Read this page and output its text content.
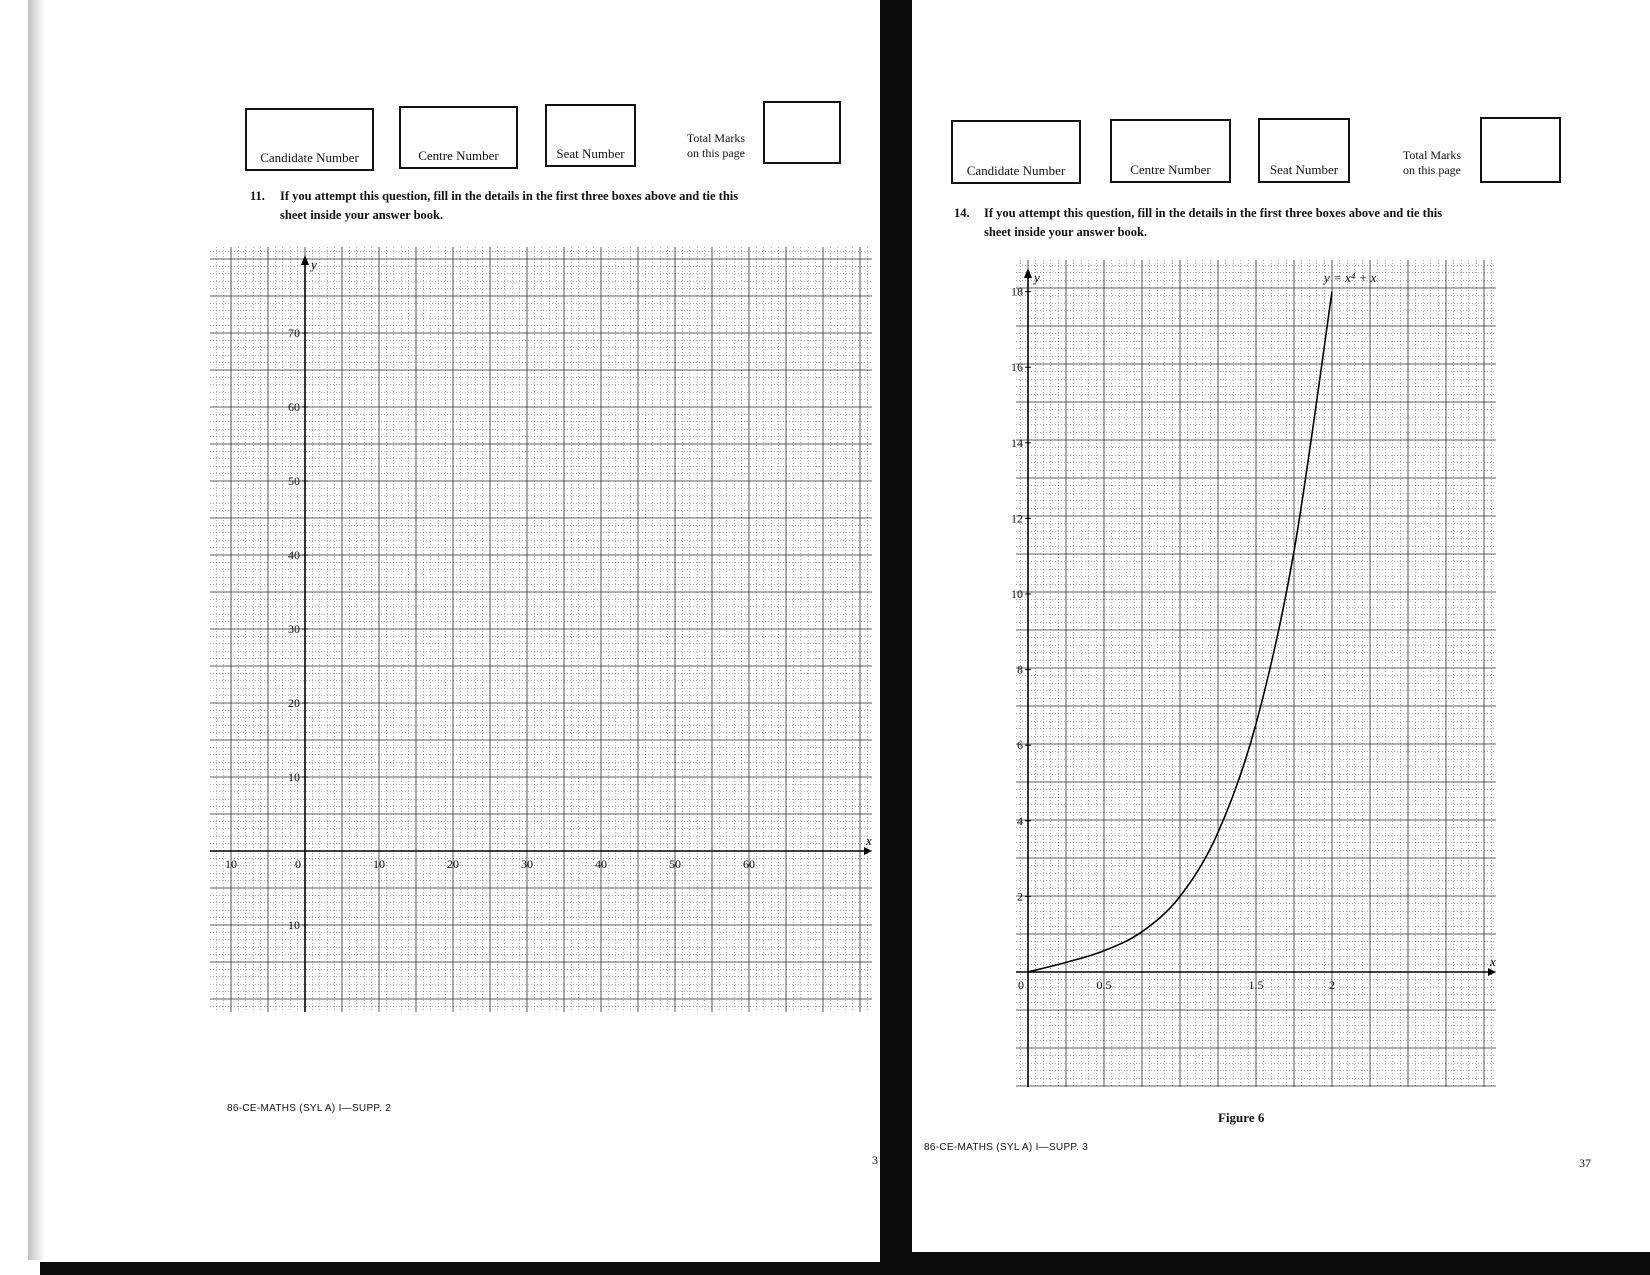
Candidate Number	Centre Number	Seat Number
Total Marks
on this page
11. If you attempt this question, fill in the details in the first three boxes above and tie this
sheet inside your answer book.
x
y
10	0	10	20	30	40	50	60
10
10
20
30
40
50
60
70
86-CE-MATHS (SYL A) I—SUPP. 2
3
Candidate Number	Centre Number	Seat Number
Total Marks
on this page
14. If you attempt this question, fill in the details in the first three boxes above and tie this
sheet inside your answer book.
x
y
0	0.5	1.5	2
2
4
6
8
10
12
14
16
18
y = x⁴ + x
Figure 6
86-CE-MATHS (SYL A) I—SUPP. 3
37
